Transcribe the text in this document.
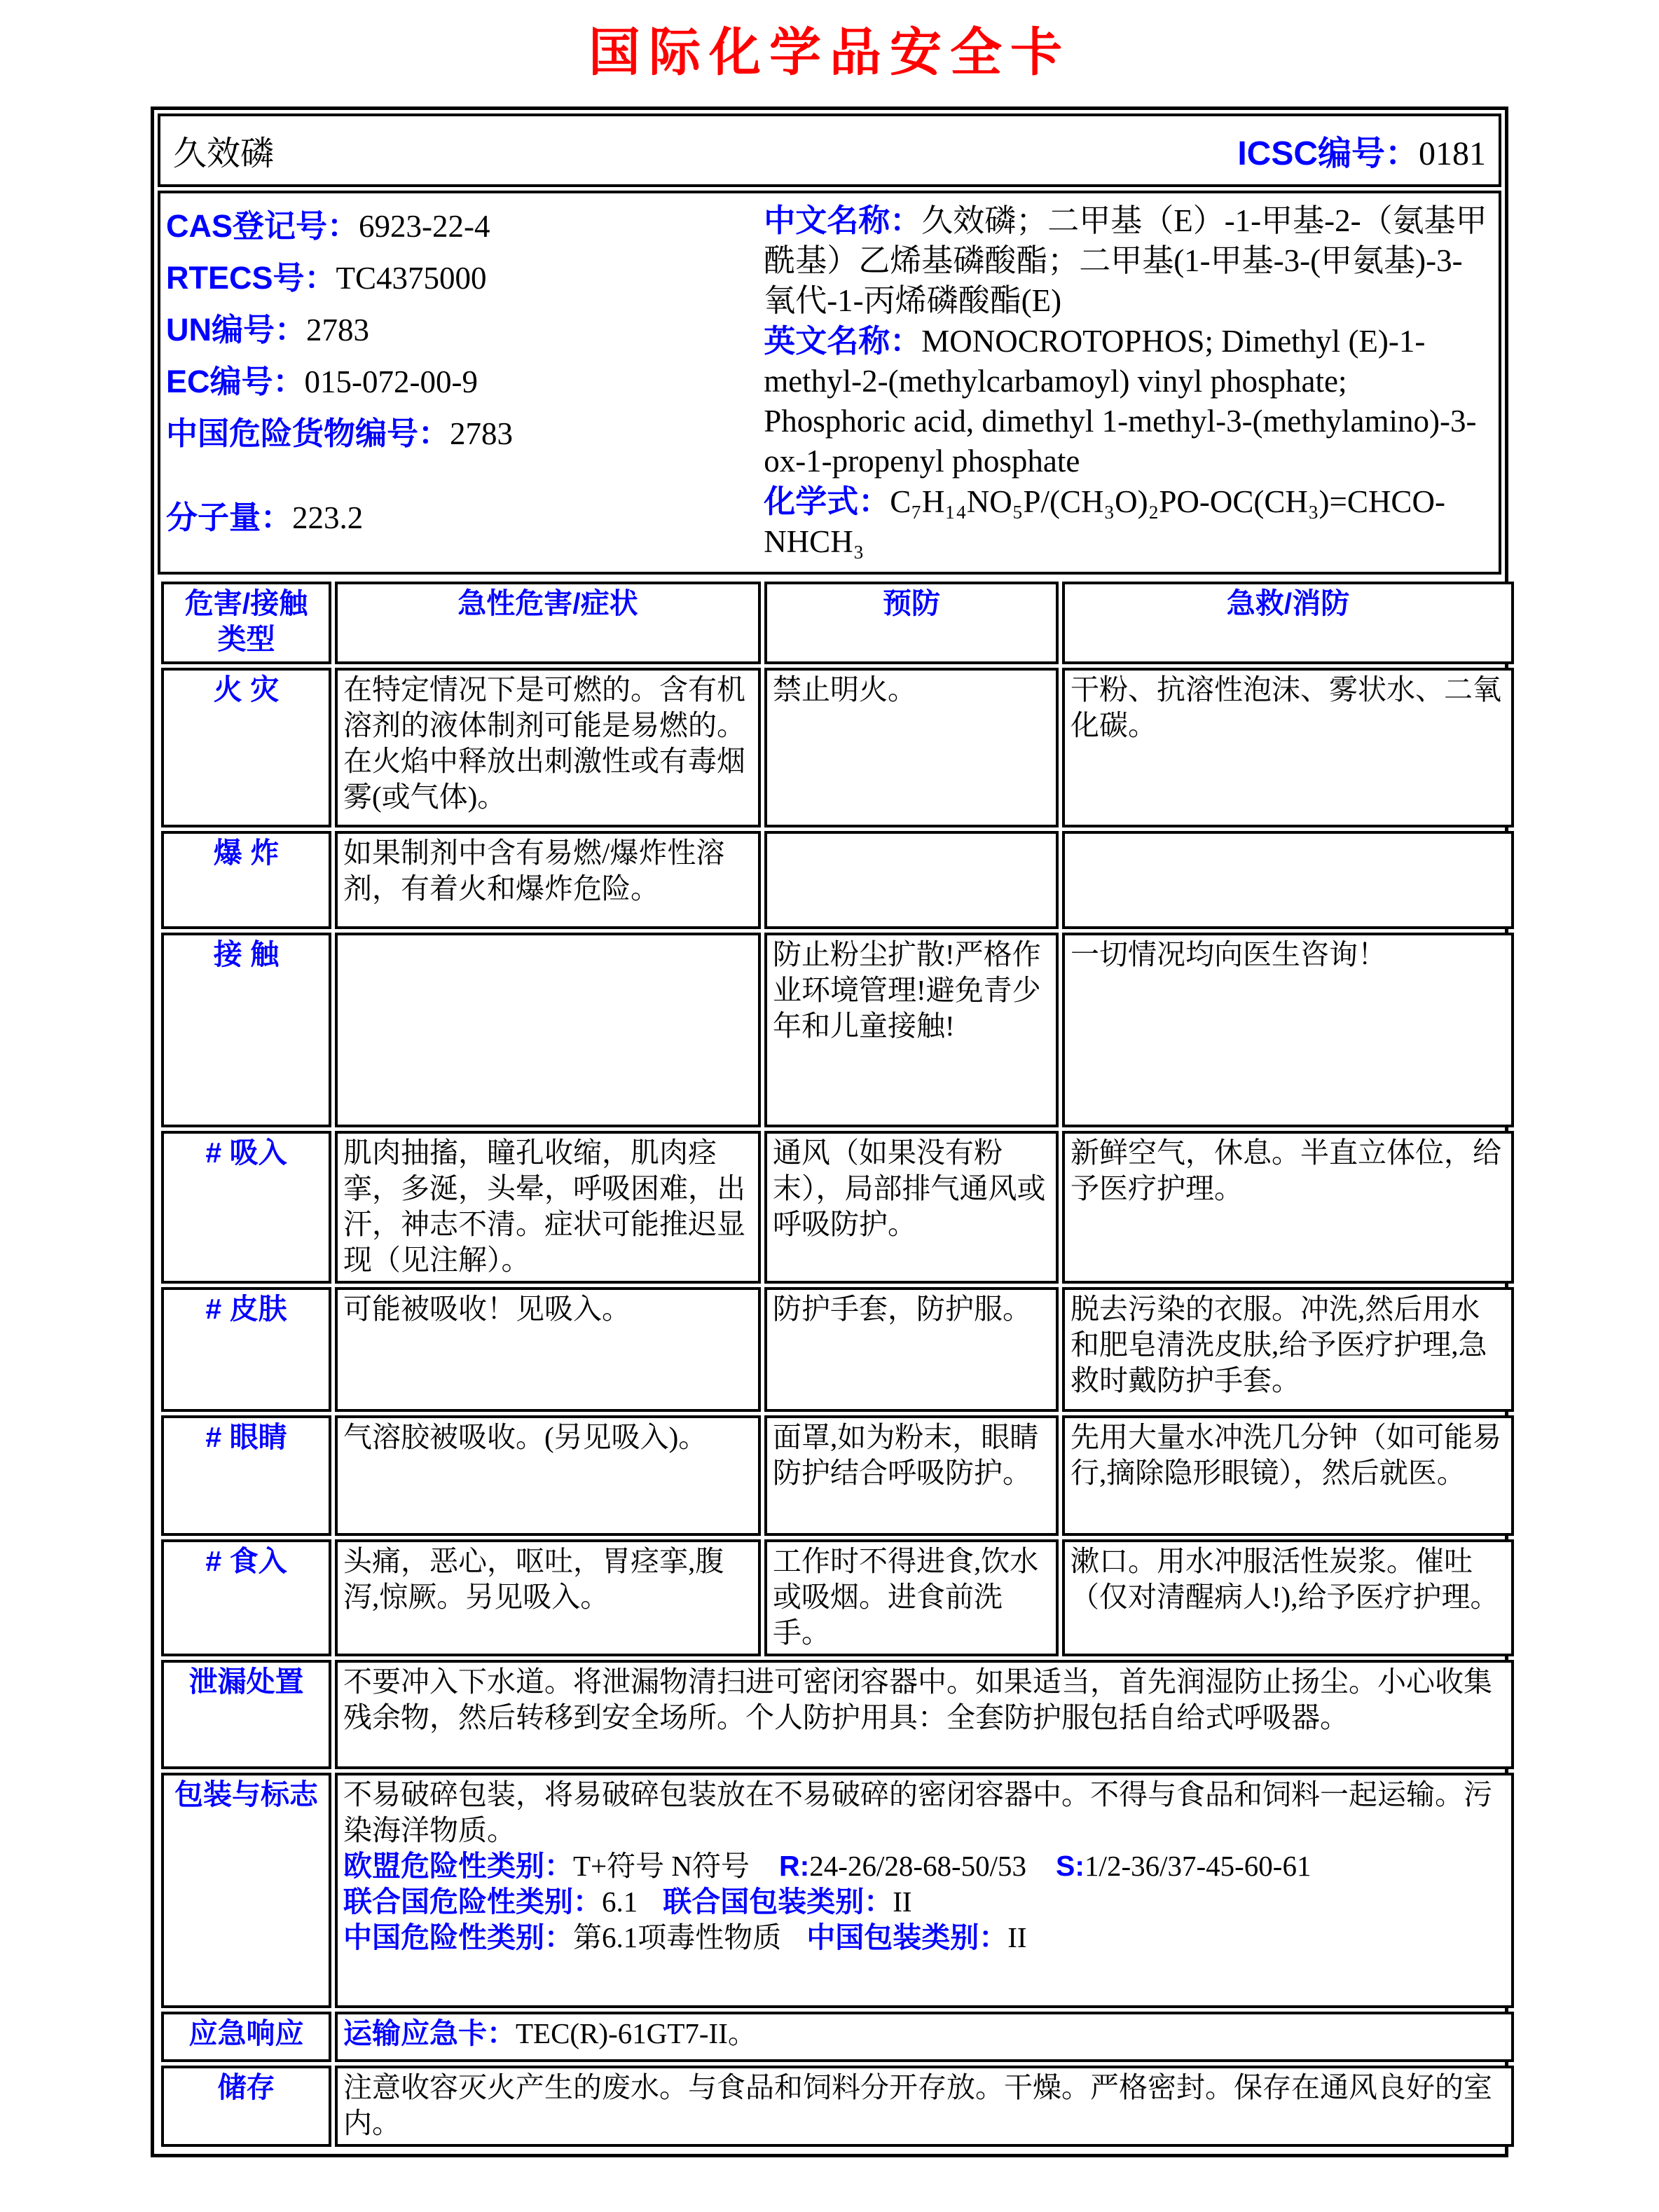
国际化学品安全卡
久效磷	ICSC编号：0181
CAS登记号：6923-22-4
RTECS号：TC4375000
UN编号：2783
EC编号：015-072-00-9
中国危险货物编号：2783
分子量：223.2

中文名称：久效磷；二甲基（E）-1-甲基-2-（氨基甲酰基）乙烯基磷酸酯；二甲基(1-甲基-3-(甲氨基)-3-氧代-1-丙烯磷酸酯(E)

英文名称：MONOCROTOPHOS; Dimethyl (E)-1-methyl-2-(methylcarbamoyl) vinyl phosphate; Phosphoric acid, dimethyl 1-methyl-3-(methylamino)-3-ox-1-propenyl phosphate

化学式：C₇H₁₄NO₅P/(CH₃O)₂PO-OC(CH₃)=CHCO-NHCH₃

危害/接触
类型	急性危害/症状	预防	急救/消防
火 灾	在特定情况下是可燃的。含有机溶剂的液体制剂可能是易燃的。在火焰中释放出刺激性或有毒烟雾(或气体)。	禁止明火。	干粉、抗溶性泡沫、雾状水、二氧化碳。
爆 炸	如果制剂中含有易燃/爆炸性溶剂，有着火和爆炸危险。		
接 触		防止粉尘扩散!严格作业环境管理!避免青少年和儿童接触!	一切情况均向医生咨询！
# 吸入	肌肉抽搐，瞳孔收缩，肌肉痉挛，多涎，头晕，呼吸困难，出汗，神志不清。症状可能推迟显现（见注解）。	通风（如果没有粉末），局部排气通风或呼吸防护。	新鲜空气，休息。半直立体位，给予医疗护理。
# 皮肤	可能被吸收！见吸入。	防护手套，防护服。	脱去污染的衣服。冲洗,然后用水和肥皂清洗皮肤,给予医疗护理,急救时戴防护手套。
# 眼睛	气溶胶被吸收。(另见吸入)。	面罩,如为粉末，眼睛防护结合呼吸防护。	先用大量水冲洗几分钟（如可能易行,摘除隐形眼镜），然后就医。
# 食入	头痛，恶心，呕吐，胃痉挛,腹泻,惊厥。另见吸入。	工作时不得进食,饮水或吸烟。进食前洗手。	漱口。用水冲服活性炭浆。催吐（仅对清醒病人!),给予医疗护理。
泄漏处置	不要冲入下水道。将泄漏物清扫进可密闭容器中。如果适当，首先润湿防止扬尘。小心收集残余物，然后转移到安全场所。个人防护用具：全套防护服包括自给式呼吸器。		
包装与标志	不易破碎包装，将易破碎包装放在不易破碎的密闭容器中。不得与食品和饲料一起运输。污染海洋物质。
欧盟危险性类别：T+符号 N符号 R:24-26/28-68-50/53 S:1/2-36/37-45-60-61
联合国危险性类别：6.1 联合国包装类别：II
中国危险性类别：第6.1项毒性物质 中国包装类别：II		

应急响应	运输应急卡：TEC(R)-61GT7-II。		
储存	注意收容灭火产生的废水。与食品和饲料分开存放。干燥。严格密封。保存在通风良好的室内。		
